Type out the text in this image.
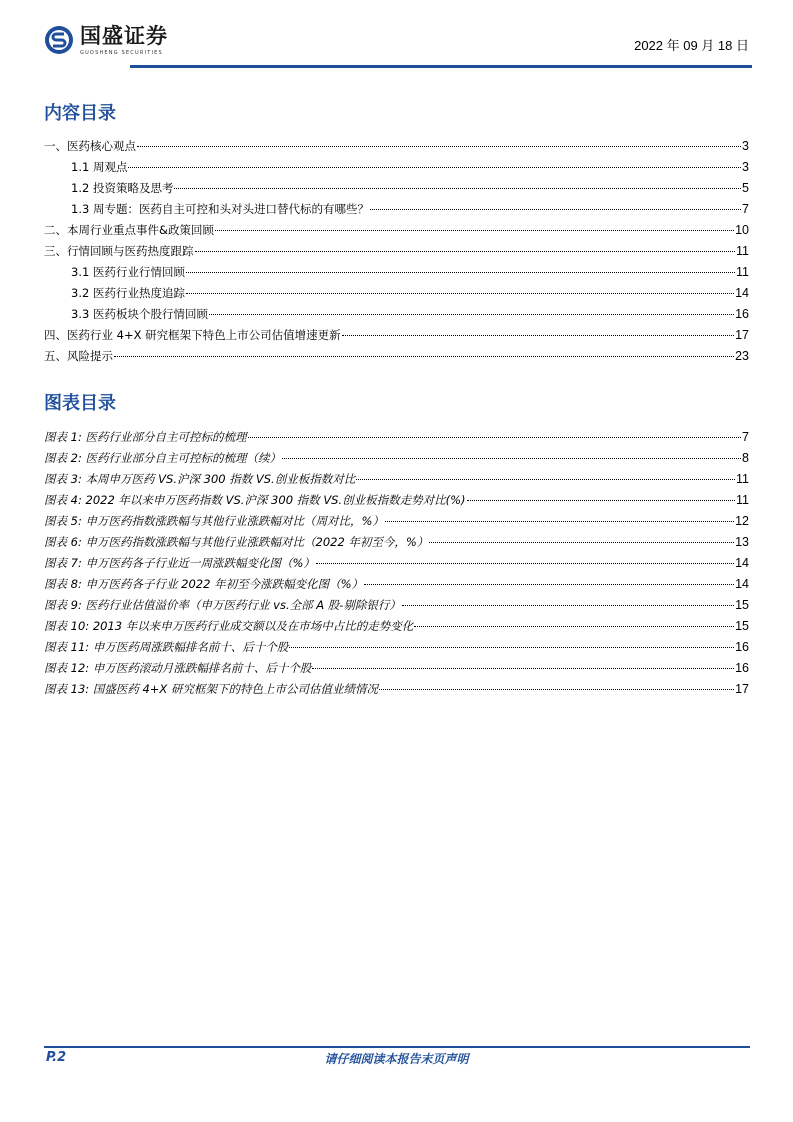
国盛证券
GUOSHENG SECURITIES	2022 年 09 月 18 日
内容目录
一、医药核心观点	3
1.1 周观点	3
1.2 投资策略及思考	5
1.3 周专题：医药自主可控和头对头进口替代标的有哪些？	7
二、本周行业重点事件&政策回顾	10
三、行情回顾与医药热度跟踪	11
3.1 医药行业行情回顾	11
3.2 医药行业热度追踪	14
3.3 医药板块个股行情回顾	16
四、医药行业 4+X 研究框架下特色上市公司估值增速更新	17
五、风险提示	23
图表目录
图表 1: 医药行业部分自主可控标的梳理	7
图表 2: 医药行业部分自主可控标的梳理（续）	8
图表 3: 本周申万医药 VS.沪深 300 指数 VS.创业板指数对比	11
图表 4: 2022 年以来申万医药指数 VS.沪深 300 指数 VS.创业板指数走势对比(%)	11
图表 5: 申万医药指数涨跌幅与其他行业涨跌幅对比（周对比，%）	12
图表 6: 申万医药指数涨跌幅与其他行业涨跌幅对比（2022 年初至今，%）	13
图表 7: 申万医药各子行业近一周涨跌幅变化图（%）	14
图表 8: 申万医药各子行业 2022 年初至今涨跌幅变化图（%）	14
图表 9: 医药行业估值溢价率（申万医药行业 vs.全部 A 股-剔除银行）	15
图表 10: 2013 年以来申万医药行业成交额以及在市场中占比的走势变化	15
图表 11: 申万医药周涨跌幅排名前十、后十个股	16
图表 12: 申万医药滚动月涨跌幅排名前十、后十个股	16
图表 13: 国盛医药 4+X 研究框架下的特色上市公司估值业绩情况	17
P.2	请仔细阅读本报告末页声明
